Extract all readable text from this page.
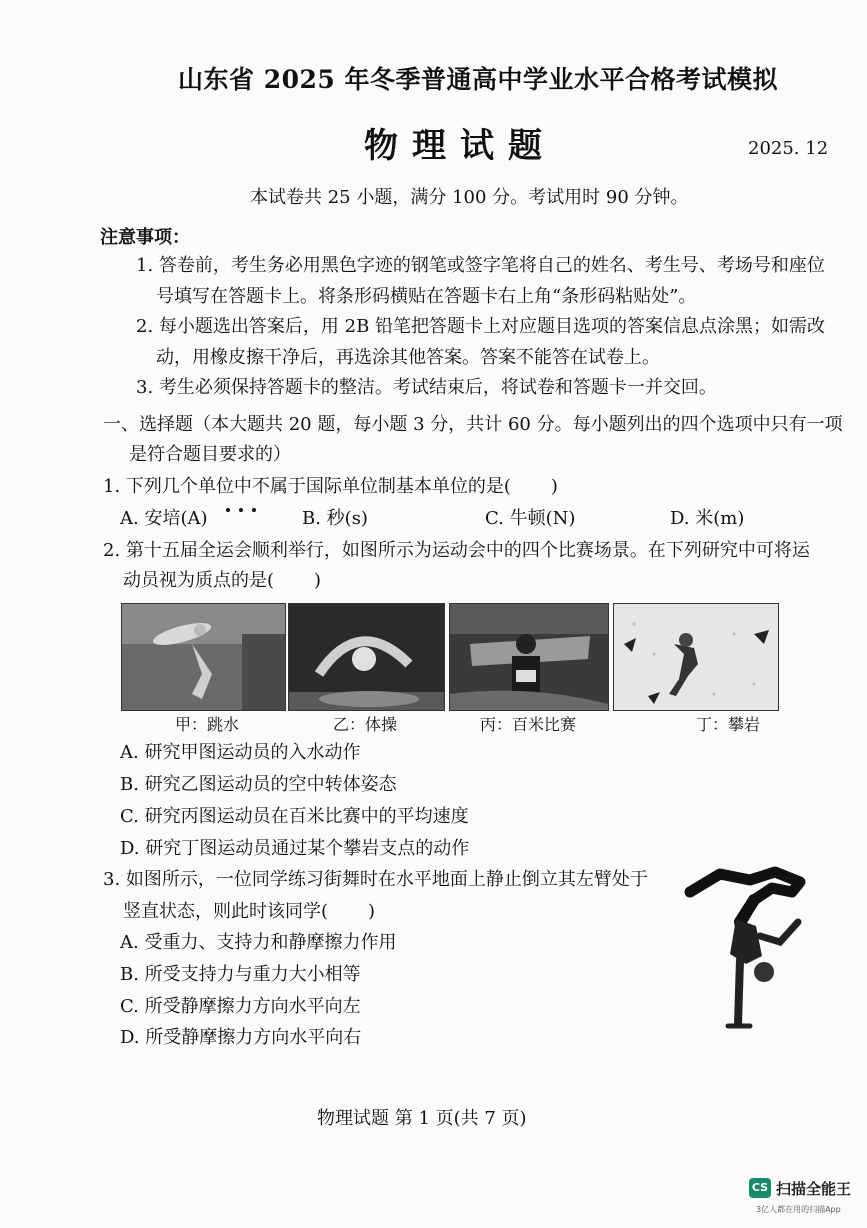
山东省 2025 年冬季普通高中学业水平合格考试模拟
物理试题	2025. 12
本试卷共 25 小题，满分 100 分。考试用时 90 分钟。
注意事项：
1. 答卷前，考生务必用黑色字迹的钢笔或签字笔将自己的姓名、考生号、考场号和座位
号填写在答题卡上。将条形码横贴在答题卡右上角“条形码粘贴处”。
2. 每小题选出答案后，用 2B 铅笔把答题卡上对应题目选项的答案信息点涂黑；如需改
动，用橡皮擦干净后，再选涂其他答案。答案不能答在试卷上。
3. 考生必须保持答题卡的整洁。考试结束后，将试卷和答题卡一并交回。
一、选择题（本大题共 20 题，每小题 3 分，共计 60 分。每小题列出的四个选项中只有一项
是符合题目要求的）
1. 下列几个单位中不属于国际单位制基本单位的是( )
A. 安培(A)	B. 秒(s)	C. 牛顿(N)	D. 米(m)
2. 第十五届全运会顺利举行，如图所示为运动会中的四个比赛场景。在下列研究中可将运
动员视为质点的是( )
甲：跳水	乙：体操	丙：百米比赛	丁：攀岩
A. 研究甲图运动员的入水动作
B. 研究乙图运动员的空中转体姿态
C. 研究丙图运动员在百米比赛中的平均速度
D. 研究丁图运动员通过某个攀岩支点的动作
3. 如图所示，一位同学练习街舞时在水平地面上静止倒立其左臂处于
竖直状态，则此时该同学( )
A. 受重力、支持力和静摩擦力作用
B. 所受支持力与重力大小相等
C. 所受静摩擦力方向水平向左
D. 所受静摩擦力方向水平向右
物理试题 第 1 页(共 7 页)
CS 扫描全能王
3亿人都在用的扫描App
